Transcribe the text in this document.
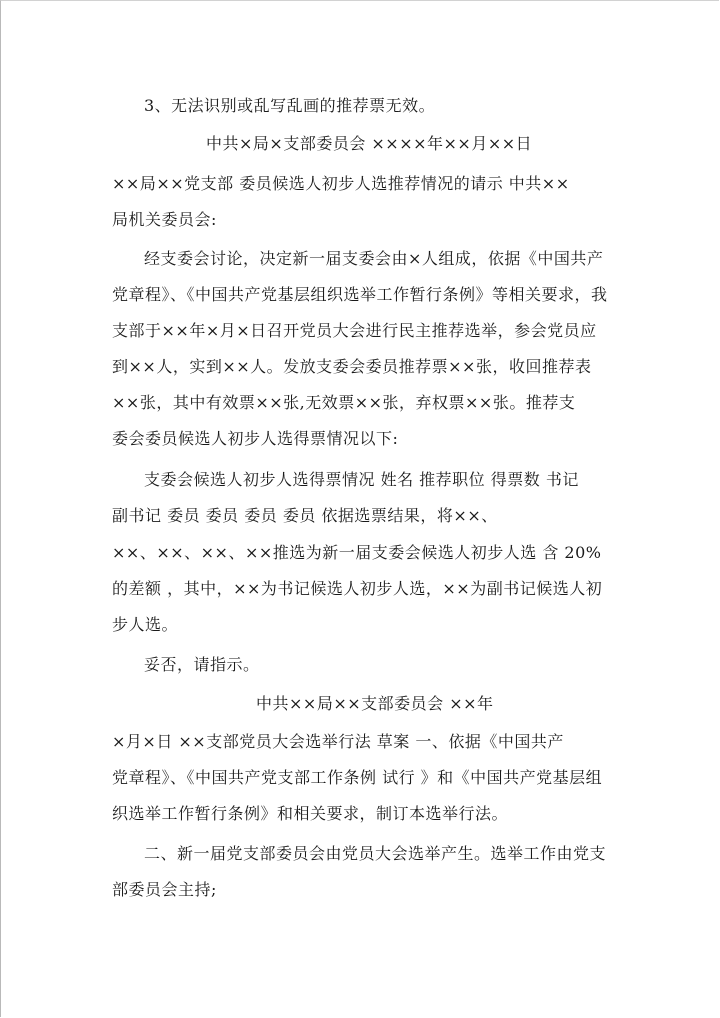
3、无法识别或乱写乱画的推荐票无效。

中共×局×支部委员会 ××××年××月××日

××局××党支部 委员候选人初步人选推荐情况的请示 中共××

局机关委员会:

经支委会讨论，决定新一届支委会由×人组成，依据《中国共产

党章程》、《中国共产党基层组织选举工作暂行条例》等相关要求，我

支部于××年×月×日召开党员大会进行民主推荐选举，参会党员应

到××人，实到××人。发放支委会委员推荐票××张，收回推荐表

××张，其中有效票××张,无效票××张，弃权票××张。推荐支

委会委员候选人初步人选得票情况以下:

支委会候选人初步人选得票情况 姓名 推荐职位 得票数 书记

副书记 委员 委员 委员 委员 依据选票结果，将××、

××、××、××、××推选为新一届支委会候选人初步人选 含 20%

的差额 ，其中，××为书记候选人初步人选，××为副书记候选人初

步人选。

妥否，请指示。

中共××局××支部委员会 ××年

×月×日 ××支部党员大会选举行法 草案 一、依据《中国共产

党章程》、《中国共产党支部工作条例 试行 》和《中国共产党基层组

织选举工作暂行条例》和相关要求，制订本选举行法。

二、新一届党支部委员会由党员大会选举产生。选举工作由党支

部委员会主持;
